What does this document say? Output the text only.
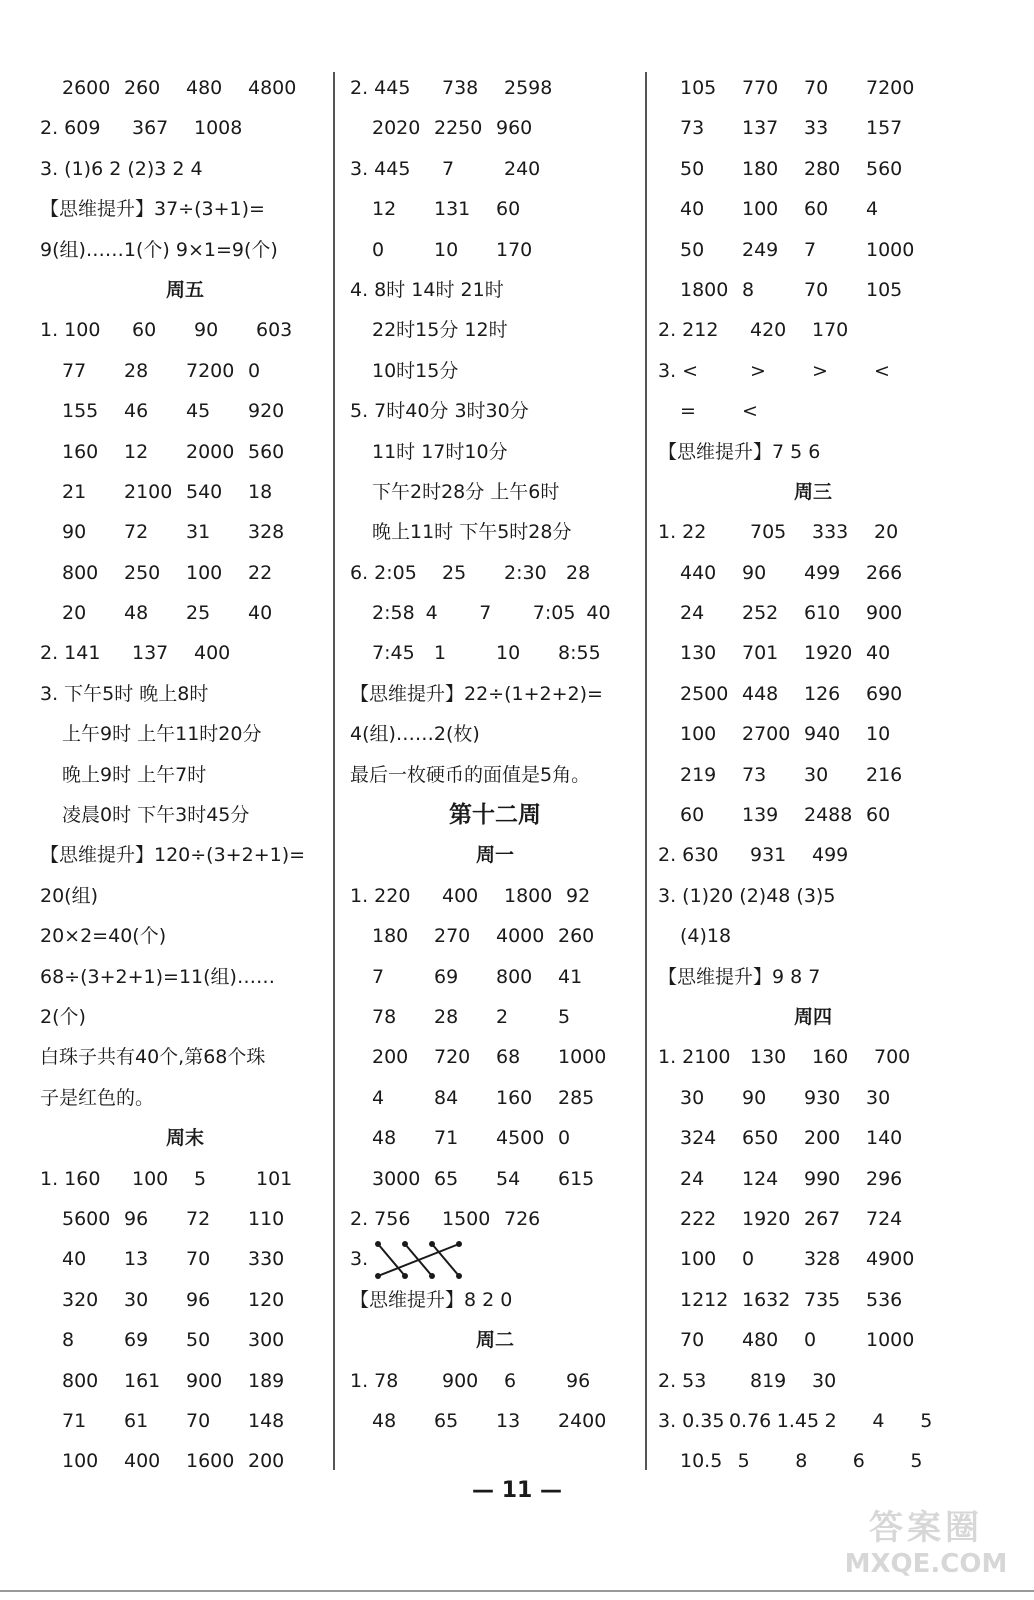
2600 260	480	4800
2. 609	367	1008
3. (1)6 2 (2)3 2 4
【思维提升】37÷(3+1)=
9(组)……1(个) 9×1=9(个)
周五
1. 100	60	90	603
77	28	7200 0
155	46	45	920
160	12	2000 560
21	2100 540	18
90	72	31	328
800	250	100	22
20	48	25	40
2. 141	137	400
3. 下午5时 晚上8时
上午9时 上午11时20分
晚上9时 上午7时
凌晨0时 下午3时45分
【思维提升】120÷(3+2+1)=
20(组)
20×2=40(个)
68÷(3+2+1)=11(组)……
2(个)
白珠子共有40个,第68个珠
子是红色的。
周末
1. 160	100	5	101
5600 96	72	110
40	13	70	330
320	30	96	120
8	69	50	300
800	161	900	189
71	61	70	148
100	400	1600 200
2. 445	738	2598
2020 2250 960
3. 445	7	240
12	131	60
0	10	170
4. 8时 14时 21时
22时15分 12时
10时15分
5. 7时40分 3时30分
11时 17时10分
下午2时28分 上午6时
晚上11时 下午5时28分
6. 2:05	25	2:30	28
2:58 4	7	7:05 40
7:45	1	10	8:55
【思维提升】22÷(1+2+2)=
4(组)……2(枚)
最后一枚硬币的面值是5角。
第十二周
周一
1. 220	400	1800 92
180	270	4000 260
7	69	800	41
78	28	2	5
200	720	68	1000
4	84	160	285
48	71	4500 0
3000 65	54	615
2. 756	1500 726
3.
【思维提升】8 2 0
周二
1. 78	900	6	96
48	65	13	2400
105	770	70	7200
73	137	33	157
50	180	280	560
40	100	60	4
50	249	7	1000
1800 8	70	105
2. 212	420	170
3. <	>	>	<
=	<
【思维提升】7 5 6
周三
1. 22	705	333	20
440	90	499	266
24	252	610	900
130	701	1920 40
2500 448	126	690
100	2700 940	10
219	73	30	216
60	139	2488 60
2. 630	931	499
3. (1)20 (2)48 (3)5
(4)18
【思维提升】9 8 7
周四
1. 2100	130	160	700
30	90	930	30
324	650	200	140
24	124	990	296
222	1920 267	724
100	0	328	4900
1212 1632 735	536
70	480	0	1000
2. 53	819	30
3. 0.35 0.76 1.45 2	4	5
10.5 5	8	6	5
— 11 —
答案圈
MXQE.COM
